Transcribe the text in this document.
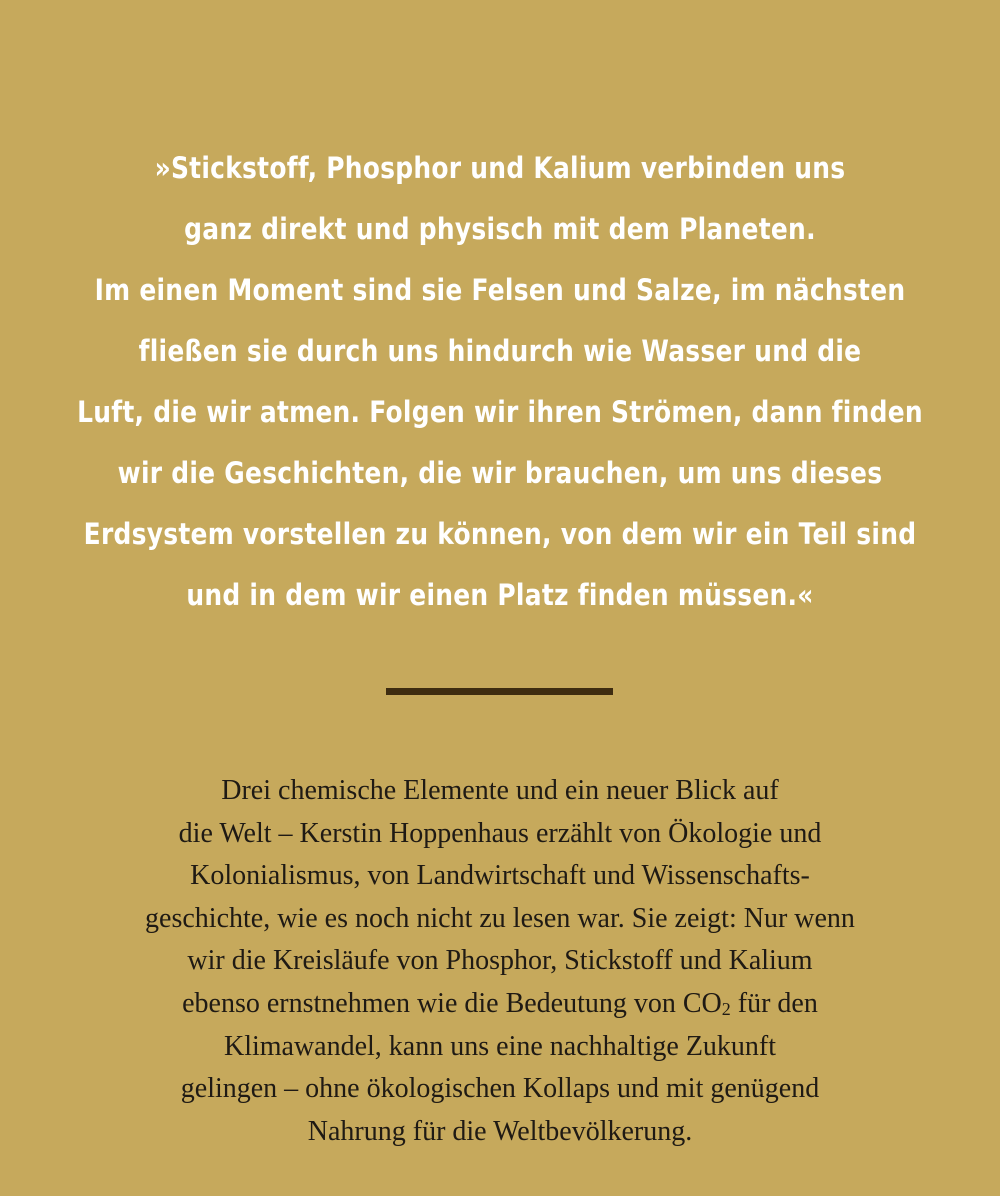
»Stickstoff, Phosphor und Kalium verbinden uns
ganz direkt und physisch mit dem Planeten.
Im einen Moment sind sie Felsen und Salze, im nächsten
fließen sie durch uns hindurch wie Wasser und die
Luft, die wir atmen. Folgen wir ihren Strömen, dann finden
wir die Geschichten, die wir brauchen, um uns dieses
Erdsystem vorstellen zu können, von dem wir ein Teil sind
und in dem wir einen Platz finden müssen.«
Drei chemische Elemente und ein neuer Blick auf
die Welt – Kerstin Hoppenhaus erzählt von Ökologie und
Kolonialismus, von Landwirtschaft und Wissenschafts-
geschichte, wie es noch nicht zu lesen war. Sie zeigt: Nur wenn
wir die Kreisläufe von Phosphor, Stickstoff und Kalium
ebenso ernstnehmen wie die Bedeutung von $CO_2$ für den
Klimawandel, kann uns eine nachhaltige Zukunft
gelingen – ohne ökologischen Kollaps und mit genügend
Nahrung für die Weltbevölkerung.
